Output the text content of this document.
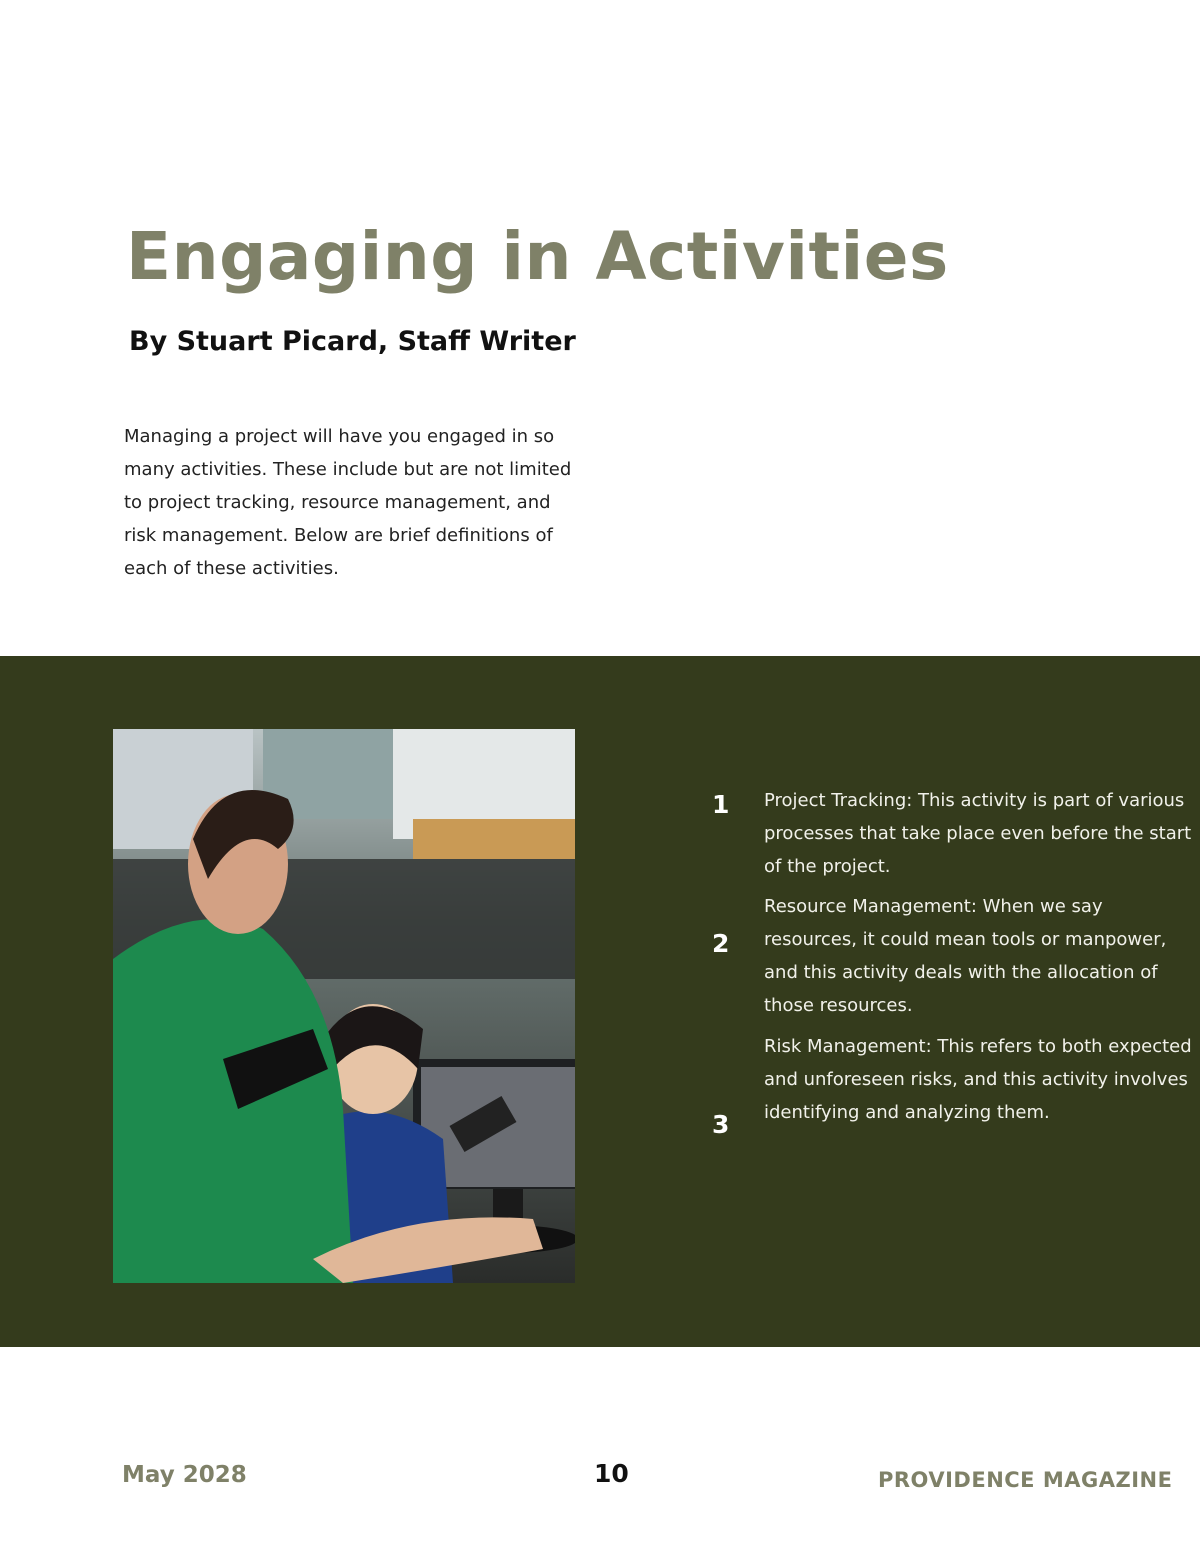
Engaging in Activities
By Stuart Picard, Staff Writer
Managing a project will have you engaged in so many activities. These include but are not limited to project tracking, resource management, and risk management. Below are brief definitions of each of these activities.
1 Project Tracking: This activity is part of various processes that take place even before the start of the project.
2
Resource Management: When we say resources, it could mean tools or manpower, and this activity deals with the allocation of those resources.
3
Risk Management: This refers to both expected and unforeseen risks, and this activity involves identifying and analyzing them.
May 2028	10	PROVIDENCE MAGAZINE
